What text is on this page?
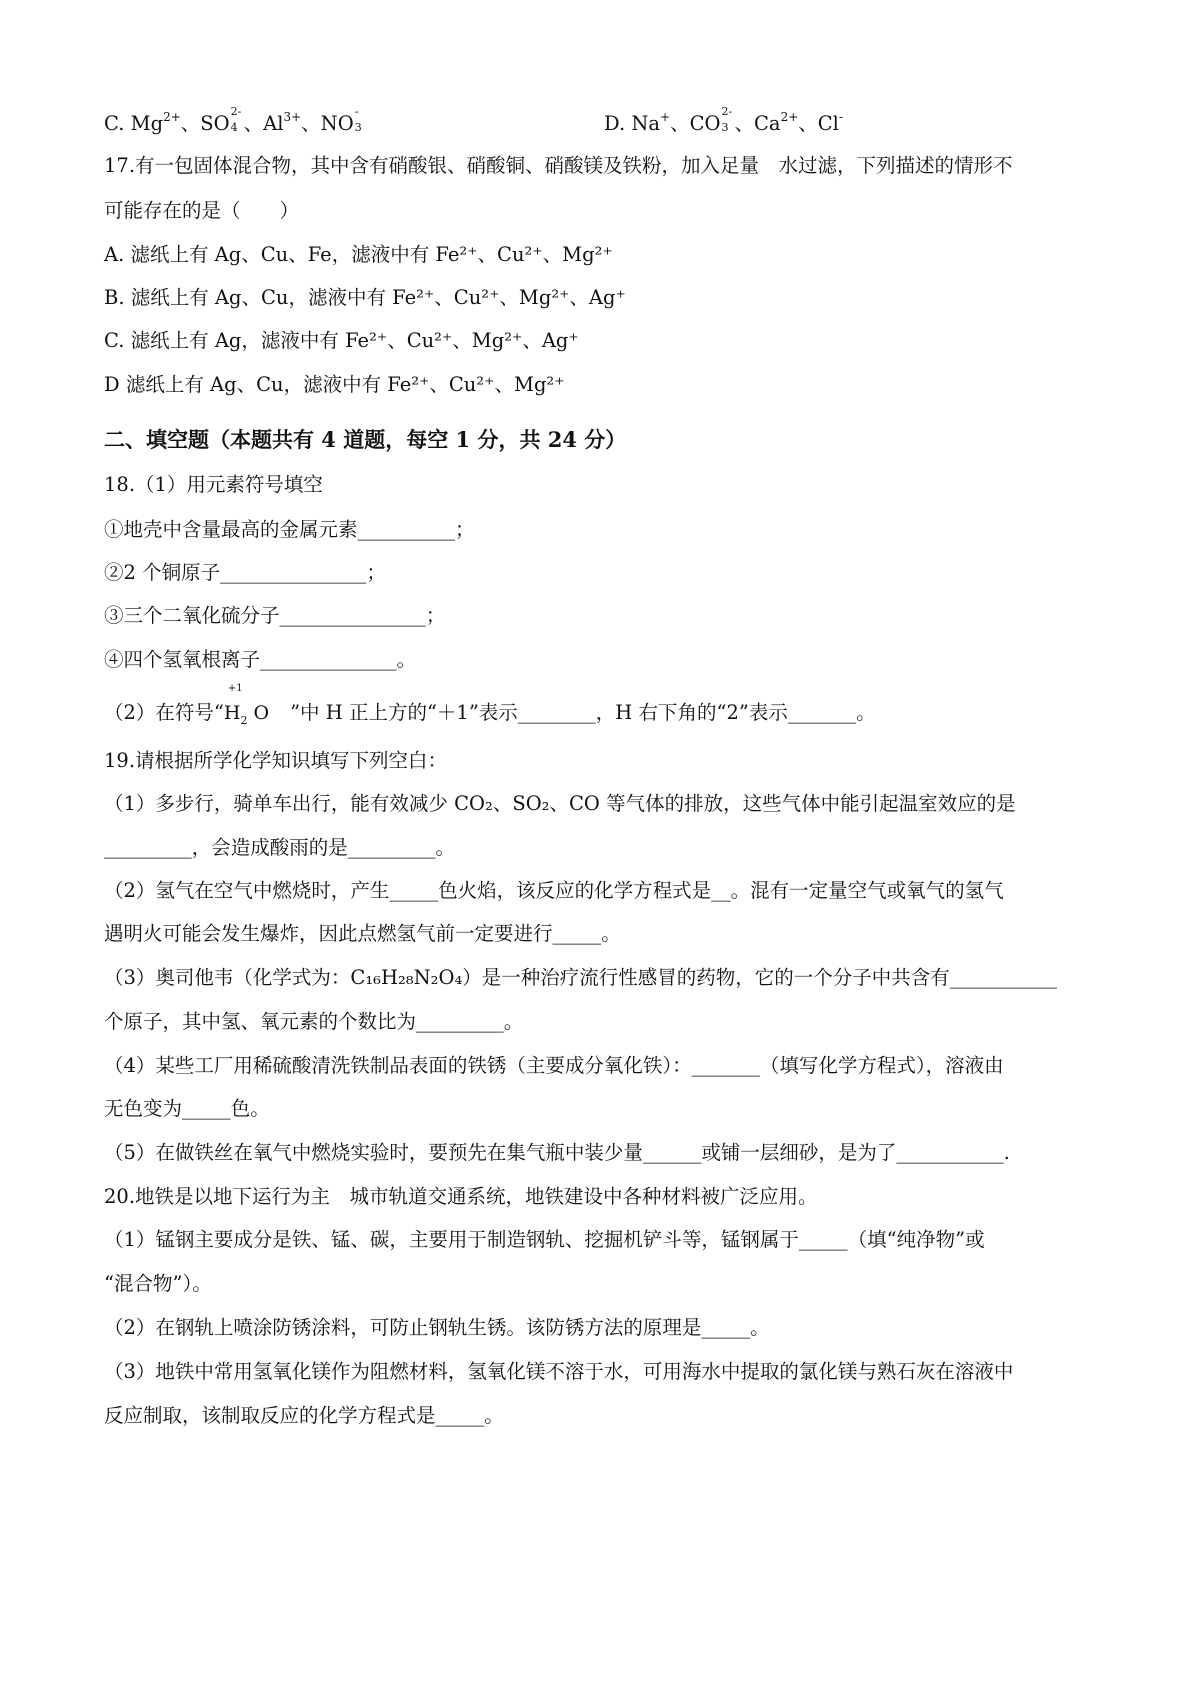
C. $Mg^{2+}$、SO
2-
4 、$Al^{3+}$、NO
-
3	D. Na+、CO
2-
3 、$Ca^{2+}$、Cl-
17.有一包固体混合物，其中含有硝酸银、硝酸铜、硝酸镁及铁粉，加入足量　水过滤，下列描述的情形不
可能存在的是（　　）
A. 滤纸上有 Ag、Cu、Fe，滤液中有 Fe²⁺、Cu²⁺、Mg²⁺
B. 滤纸上有 Ag、Cu，滤液中有 Fe²⁺、Cu²⁺、Mg²⁺、Ag⁺
C. 滤纸上有 Ag，滤液中有 Fe²⁺、Cu²⁺、Mg²⁺、Ag⁺
D 滤纸上有 Ag、Cu，滤液中有 Fe²⁺、Cu²⁺、Mg²⁺
二、填空题（本题共有 4 道题，每空 1 分，共 24 分）
18.（1）用元素符号填空
①地壳中含量最高的金属元素__________；
②2 个铜原子_______________；
③三个二氧化硫分子_______________；
④四个氢氧根离子______________。
（2）在符号“
+1
$H_2$ O ”中 H 正上方的“＋1”表示________，H 右下角的“2”表示_______。
19.请根据所学化学知识填写下列空白：
（1）多步行，骑单车出行，能有效减少 CO₂、SO₂、CO 等气体的排放，这些气体中能引起温室效应的是
_________，会造成酸雨的是_________。
（2）氢气在空气中燃烧时，产生_____色火焰，该反应的化学方程式是__。混有一定量空气或氧气的氢气
遇明火可能会发生爆炸，因此点燃氢气前一定要进行_____。
（3）奥司他韦（化学式为：C₁₆H₂₈N₂O₄）是一种治疗流行性感冒的药物，它的一个分子中共含有___________
个原子，其中氢、氧元素的个数比为_________。
（4）某些工厂用稀硫酸清洗铁制品表面的铁锈（主要成分氧化铁）：_______（填写化学方程式），溶液由
无色变为_____色。
（5）在做铁丝在氧气中燃烧实验时，要预先在集气瓶中装少量______或铺一层细砂，是为了___________.
20.地铁是以地下运行为主　城市轨道交通系统，地铁建设中各种材料被广泛应用。
（1）锰钢主要成分是铁、锰、碳，主要用于制造钢轨、挖掘机铲斗等，锰钢属于_____（填“纯净物”或
“混合物”）。
（2）在钢轨上喷涂防锈涂料，可防止钢轨生锈。该防锈方法的原理是_____。
（3）地铁中常用氢氧化镁作为阻燃材料，氢氧化镁不溶于水，可用海水中提取的氯化镁与熟石灰在溶液中
反应制取，该制取反应的化学方程式是_____。
